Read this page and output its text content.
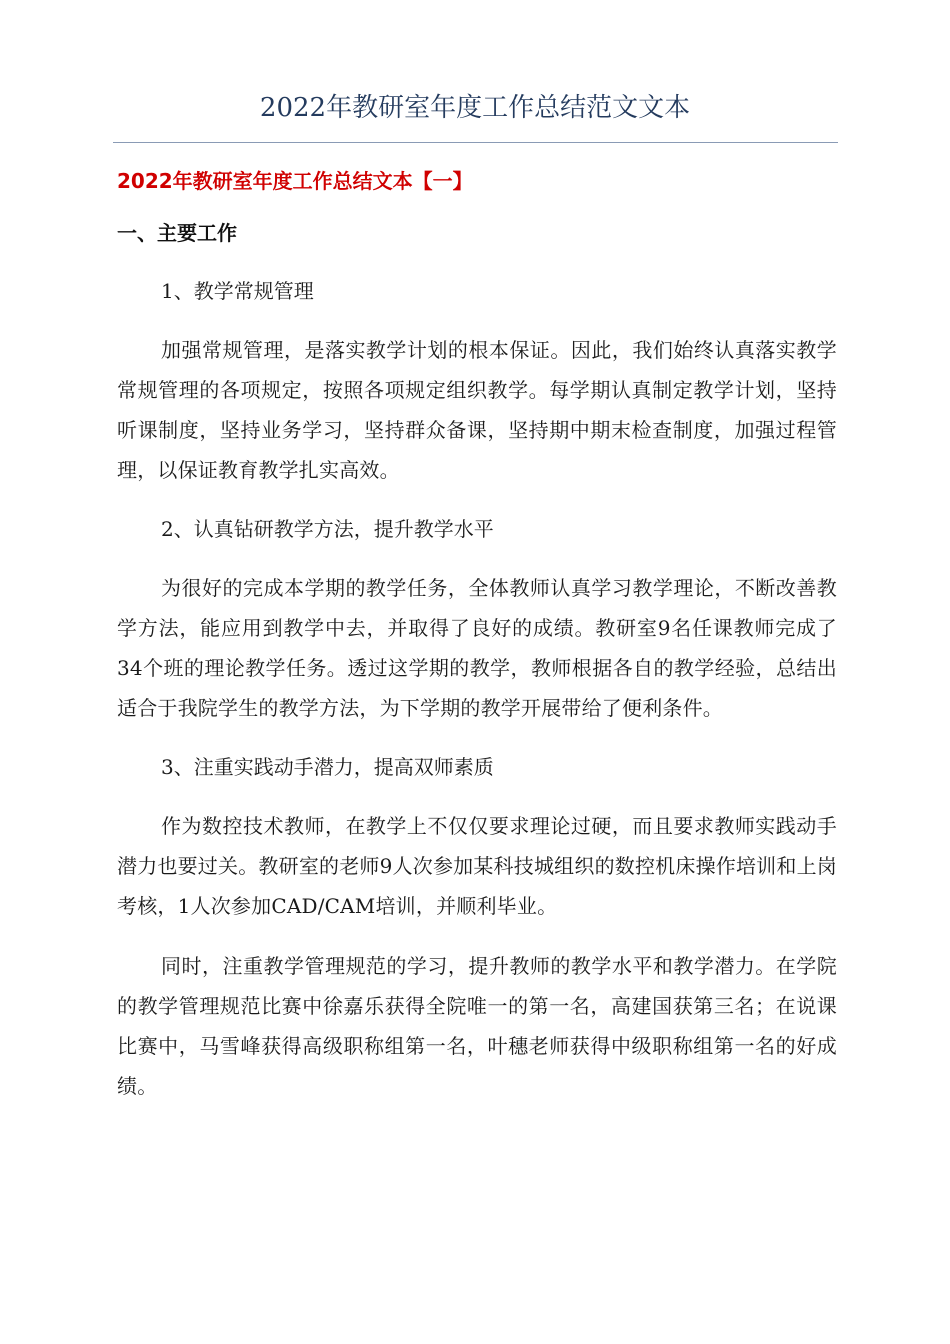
2022年教研室年度工作总结范文文本
2022年教研室年度工作总结文本【一】
一、主要工作

1、教学常规管理

加强常规管理，是落实教学计划的根本保证。因此，我们始终认真落实教学常规管理的各项规定，按照各项规定组织教学。每学期认真制定教学计划，坚持听课制度，坚持业务学习，坚持群众备课，坚持期中期末检查制度，加强过程管理，以保证教育教学扎实高效。

2、认真钻研教学方法，提升教学水平

为很好的完成本学期的教学任务，全体教师认真学习教学理论，不断改善教学方法，能应用到教学中去，并取得了良好的成绩。教研室9名任课教师完成了34个班的理论教学任务。透过这学期的教学，教师根据各自的教学经验，总结出适合于我院学生的教学方法，为下学期的教学开展带给了便利条件。

3、注重实践动手潜力，提高双师素质

作为数控技术教师，在教学上不仅仅要求理论过硬，而且要求教师实践动手潜力也要过关。教研室的老师9人次参加某科技城组织的数控机床操作培训和上岗考核，1人次参加CAD/CAM培训，并顺利毕业。

同时，注重教学管理规范的学习，提升教师的教学水平和教学潜力。在学院的教学管理规范比赛中徐嘉乐获得全院唯一的第一名，高建国获第三名；在说课比赛中，马雪峰获得高级职称组第一名，叶穗老师获得中级职称组第一名的好成绩。
